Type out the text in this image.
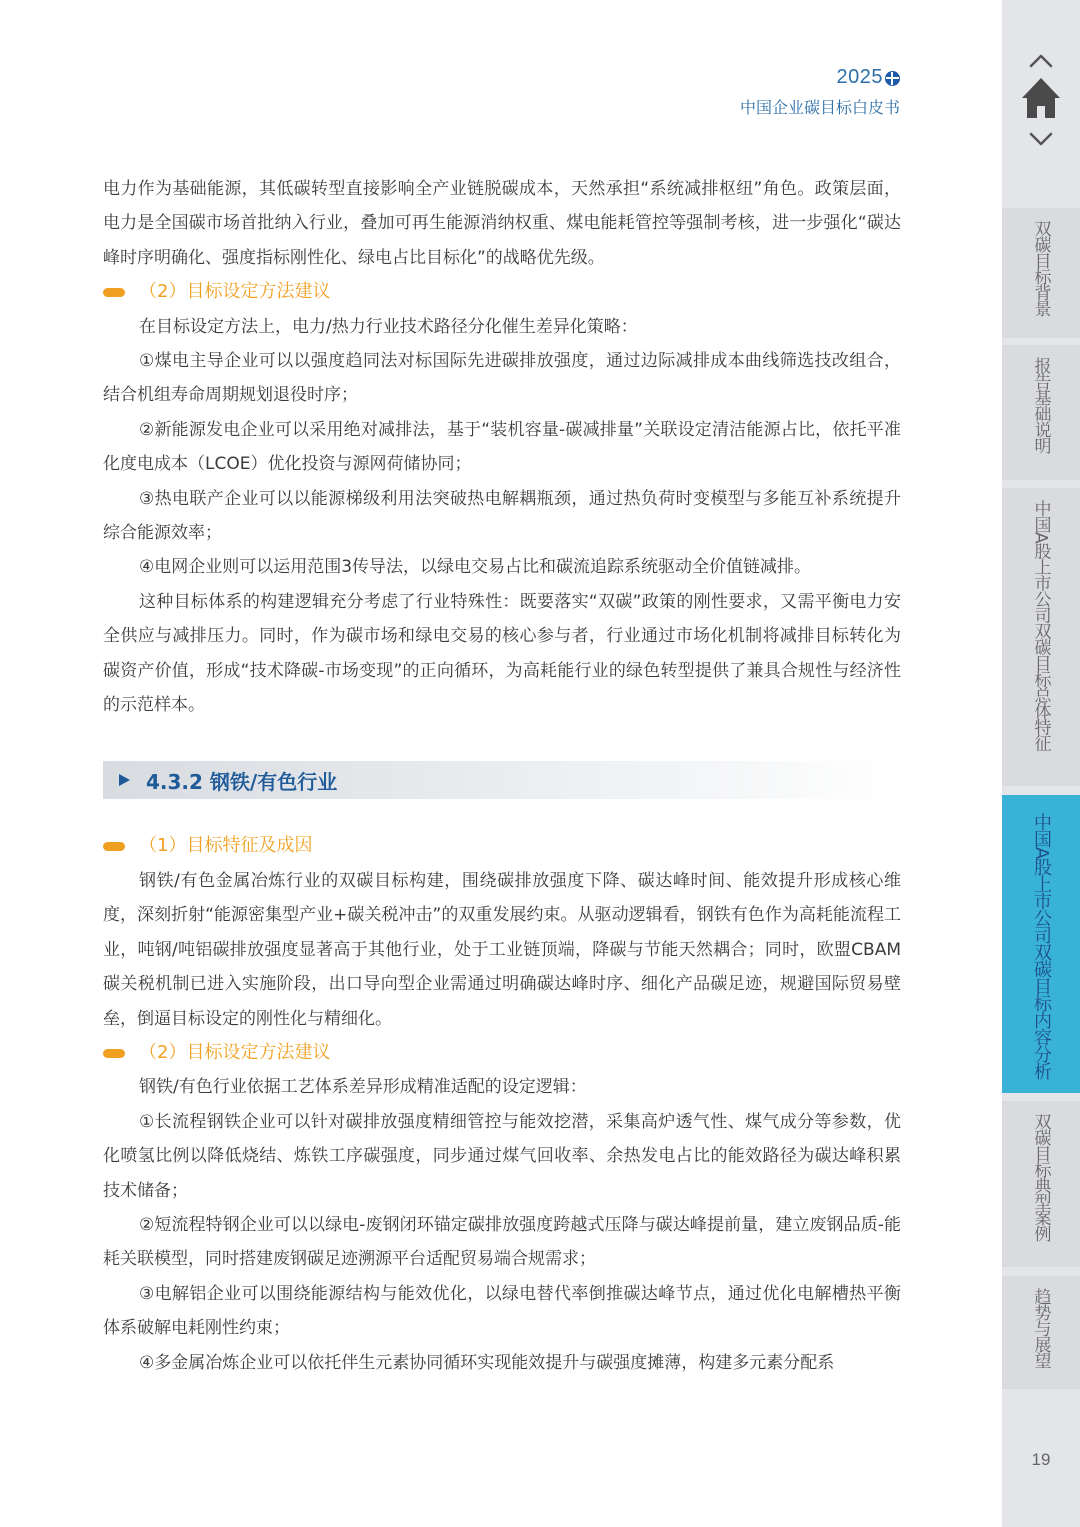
2025
中国企业碳目标白皮书

电力作为基础能源，其低碳转型直接影响全产业链脱碳成本，天然承担“系统减排枢纽”角色。政策层面，电力是全国碳市场首批纳入行业，叠加可再生能源消纳权重、煤电能耗管控等强制考核，进一步强化“碳达峰时序明确化、强度指标刚性化、绿电占比目标化”的战略优先级。

（2）目标设定方法建议

在目标设定方法上，电力/热力行业技术路径分化催生差异化策略：

①煤电主导企业可以以强度趋同法对标国际先进碳排放强度，通过边际减排成本曲线筛选技改组合，结合机组寿命周期规划退役时序；

②新能源发电企业可以采用绝对减排法，基于“装机容量-碳减排量”关联设定清洁能源占比，依托平准化度电成本（LCOE）优化投资与源网荷储协同；

③热电联产企业可以以能源梯级利用法突破热电解耦瓶颈，通过热负荷时变模型与多能互补系统提升综合能源效率；

④电网企业则可以运用范围3传导法，以绿电交易占比和碳流追踪系统驱动全价值链减排。

这种目标体系的构建逻辑充分考虑了行业特殊性：既要落实“双碳”政策的刚性要求，又需平衡电力安全供应与减排压力。同时，作为碳市场和绿电交易的核心参与者，行业通过市场化机制将减排目标转化为碳资产价值，形成“技术降碳-市场变现”的正向循环，为高耗能行业的绿色转型提供了兼具合规性与经济性的示范样本。

4.3.2 钢铁/有色行业
（1）目标特征及成因

钢铁/有色金属冶炼行业的双碳目标构建，围绕碳排放强度下降、碳达峰时间、能效提升形成核心维度，深刻折射“能源密集型产业+碳关税冲击”的双重发展约束。从驱动逻辑看，钢铁有色作为高耗能流程工业，吨钢/吨铝碳排放强度显著高于其他行业，处于工业链顶端，降碳与节能天然耦合；同时，欧盟CBAM碳关税机制已进入实施阶段，出口导向型企业需通过明确碳达峰时序、细化产品碳足迹，规避国际贸易壁垒，倒逼目标设定的刚性化与精细化。

（2）目标设定方法建议

钢铁/有色行业依据工艺体系差异形成精准适配的设定逻辑：

①长流程钢铁企业可以针对碳排放强度精细管控与能效挖潜，采集高炉透气性、煤气成分等参数，优化喷氢比例以降低烧结、炼铁工序碳强度，同步通过煤气回收率、余热发电占比的能效路径为碳达峰积累技术储备；

②短流程特钢企业可以以绿电-废钢闭环锚定碳排放强度跨越式压降与碳达峰提前量，建立废钢品质-能耗关联模型，同时搭建废钢碳足迹溯源平台适配贸易端合规需求；

③电解铝企业可以围绕能源结构与能效优化，以绿电替代率倒推碳达峰节点，通过优化电解槽热平衡体系破解电耗刚性约束；

④多金属冶炼企业可以依托伴生元素协同循环实现能效提升与碳强度摊薄，构建多元素分配系

双碳目标背景
报告基础说明
中国A股上市公司双碳目标总体特征
中国A股上市公司双碳目标内容分析
双碳目标典型案例
趋势与展望
19
